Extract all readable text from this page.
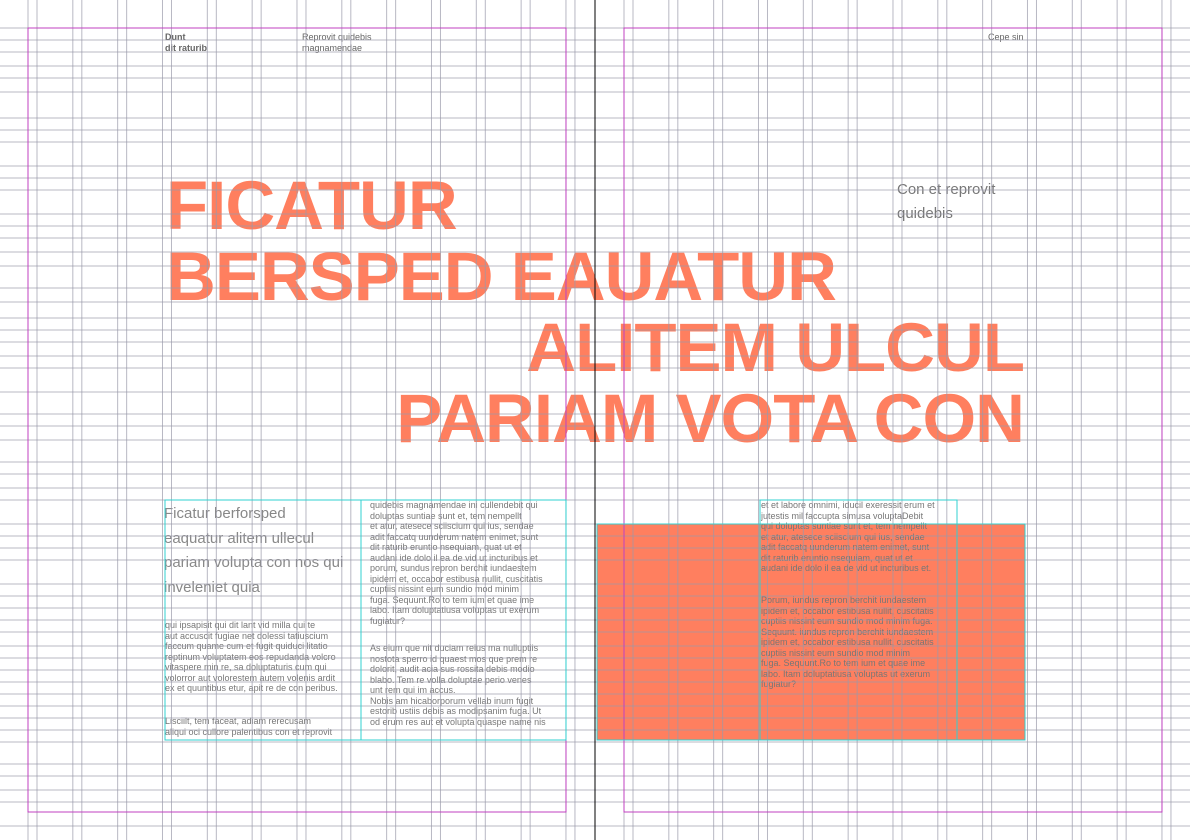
Dunt
dit raturib
Reprovit quidebis
magnamendae
Cepe sin
FICATUR
BERSPED EAUATUR
ALITEM ULCUL
PARIAM VOTA CON
Con et reprovit
quidebis
Ficatur berforsped
eaquatur alitem ullecul
pariam volupta con nos qui
inveleniet quia
qui ipsapisit qui dit lant vid milla qui te
aut accuscit fugiae net dolessi tatiuscium
faccum quame cum et fugit quiduci litatio
reptinum voluptatem eos repudanda volcro
vitaspere min re, sa doluptaturis cum qui
volorror aut volorestem autem volenis ardit
ex et quuntibus etur, apit re de con peribus.
Lisciilt, tem faceat, adiam rerecusam
aliqui oci cullore palentibus con et reprovit
quidebis magnamendae ini cullendebit qui
doluptas suntiae sunt et, tem nempellt
et atur, atesece sciiscium qui ius, sendae
adit faccatq uunderum natem enimet, sunt
dit raturib eruntio nsequiam, quat ut et
audani ide dolo il ea de vid ut incturibus et
porum, sundus repron berchit iundaestem
ipidem et, occabor estibusa nullit, cuscitatis
cuptiis nissint eum sundio mod minim
fuga. Sequunt.Ro to tem ium et quae ime
labo. Itam doluptatiusa voluptas ut exerum
fugiatur?
As eium que nit duciam reius ma nulluptiis
nostota sperro id quaest mos que prem re
dolorit, audit acia sus rossita debis modio
blabo. Tem re volla doluptae perio venes
unt rem qui im accus.
Nobis am hicaborporum vellab inum fugit
estorib ustiis debis as modipsanim fuga. Ut
od erum res aut et volupta quaspe name nis
et et labore omnimi, iducil exeressit erum et
jutestis mil faccupta simusa voluptaDebit
qui doluptas suntiae sunt et, tem nempellt
et atur, atesece sciiscium qui ius, sendae
adit faccatq uunderum natem enimet, sunt
dit raturib eruntio nsequiam, quat ut et
audani ide dolo il ea de vid ut incturibus et.
Porum, iundus repron berchit iundaestem
ipidem et, occabor estibusa nullit, cuscitatis
cuptiis nissint eum sundio mod minim fuga.
Sequunt. iundus repron berchit iundaestem
ipidem et, occabor estibusa nullit, cuscitatis
cuptiis nissint eum sundio mod minim
fuga. Sequunt.Ro to tem ium et quae ime
labo. Itam doluptatiusa voluptas ut exerum
fugiatur?
